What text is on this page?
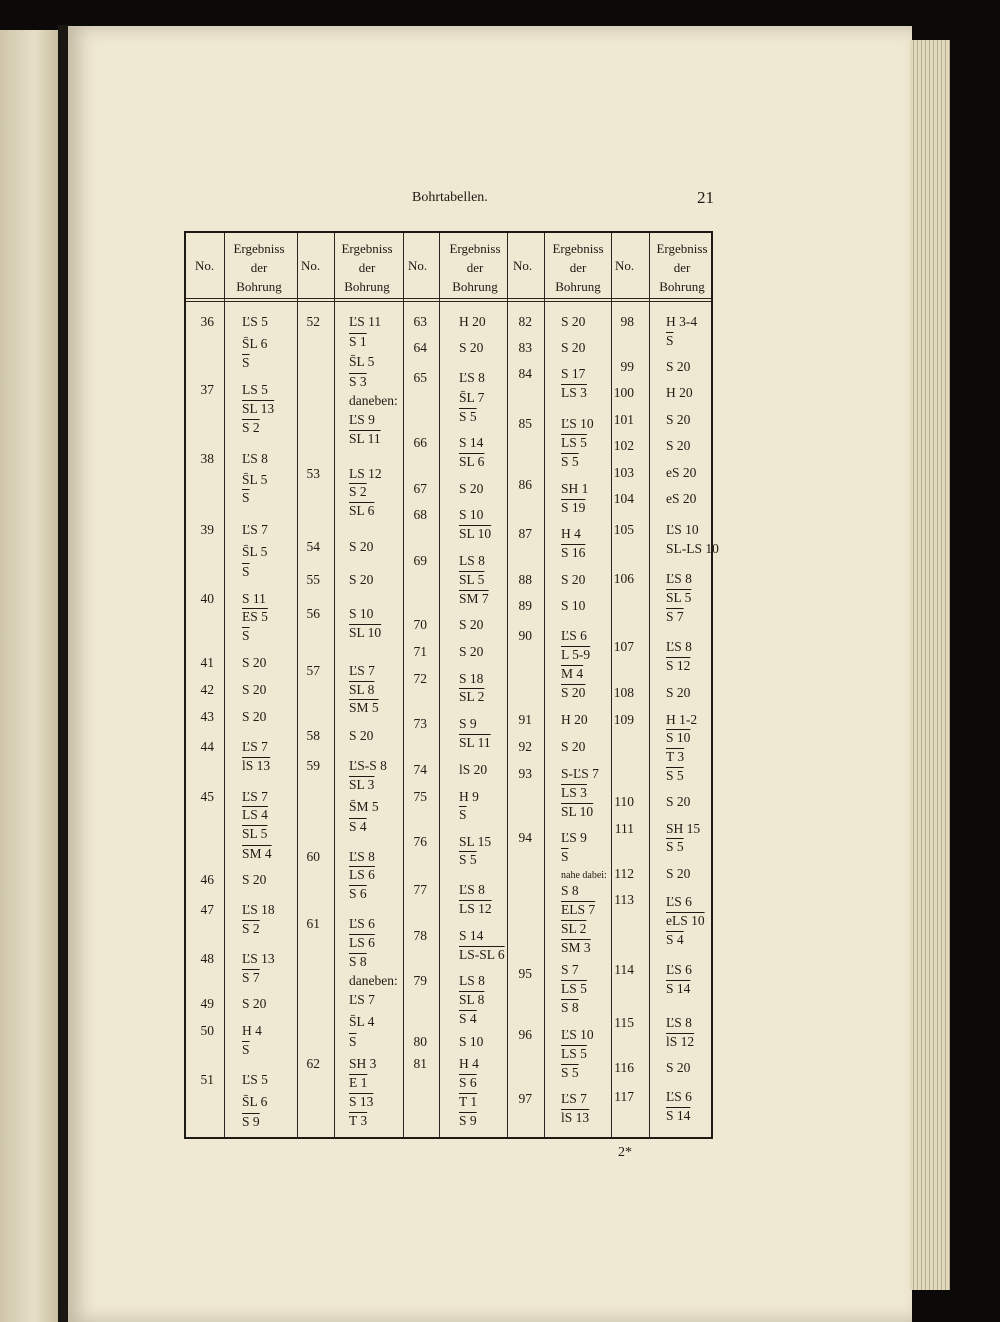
Bohrtabellen.	21
No.
Ergebniss
der
Bohrung
No.
Ergebniss
der
Bohrung
No.
Ergebniss
der
Bohrung
No.
Ergebniss
der
Bohrung
No.
Ergebniss
der
Bohrung
36 ĽS 5
S̄L 6
$\overline{S}$
37 LS 5
SL 13
S 2
38 ĽS 8
S̄L 5
$\overline{S}$
39 ĽS 7
S̄L 5
$\overline{S}$
40 S 11
ES 5
$\overline{S}$
41 S 20
42 S 20
43 S 20
44 ĽS 7
lS 13
45 ĽS 7
LS 4
SL 5
SM 4
46 S 20
47 ĽS 18
S 2
48 ĽS 13
S 7
49 S 20
50 H 4
$\overline{S}$
51 ĽS 5
S̄L 6
S 9
52 ĽS 11
S 1
S̄L 5
S 3
daneben:
ĽS 9
SL 11
53 LS 12
S 2
SL 6
54 S 20
55 S 20
56 S 10
SL 10
57 ĽS 7
SL 8
SM 5
58 S 20
59 ĽS-S 8
SL 3
S̄M 5
S 4
60 ĽS 8
LS 6
S 6
61 ĽS 6
LS 6
S 8
daneben:
ĽS 7
S̄L 4
$\overline{S}$
62 SH 3
E 1
S 13
T 3
63 H 20
64 S 20
65 ĽS 8
S̄L 7
S 5
66 S 14
SL 6
67 S 20
68 S 10
SL 10
69 LS 8
SL 5
SM 7
70 S 20
71 S 20
72 S 18
SL 2
73 S 9
SL 11
74 lS 20
75 H 9
$\overline{S}$
76 SL 15
S 5
77 ĽS 8
LS 12
78 S 14
LS-SL 6
79 LS 8
SL 8
S 4
80 S 10
81 H 4
S 6
T 1
S 9
82 S 20
83 S 20
84 S 17
LS 3
85 ĽS 10
LS 5
S 5
86 SH 1
S 19
87 H 4
S 16
88 S 20
89 S 10
90 ĽS 6
L 5-9
M 4
S 20
91 H 20
92 S 20
93 S-ĽS 7
LS 3
SL 10
94 ĽS 9
$\overline{S}$
nahe dabei:
S 8
ELS 7
SL 2
SM 3
95 S 7
LS 5
S 8
96 ĽS 10
LS 5
S 5
97 ĽS 7
lS 13
98 H 3-4
$\overline{S}$
99 S 20
100 H 20
101 S 20
102 S 20
103 eS 20
104 eS 20
105 ĽS 10
SL-LS 10
106 ĽS 8
SL 5
S 7
107 ĽS 8
S 12
108 S 20
109 H 1-2
S 10
T 3
S 5
110 S 20
111 SH 15
S 5
112 S 20
113 ĽS 6
eLS 10
S 4
114 ĽS 6
S 14
115 ĽS 8
lS 12
116 S 20
117 ĽS 6
S 14
2*
